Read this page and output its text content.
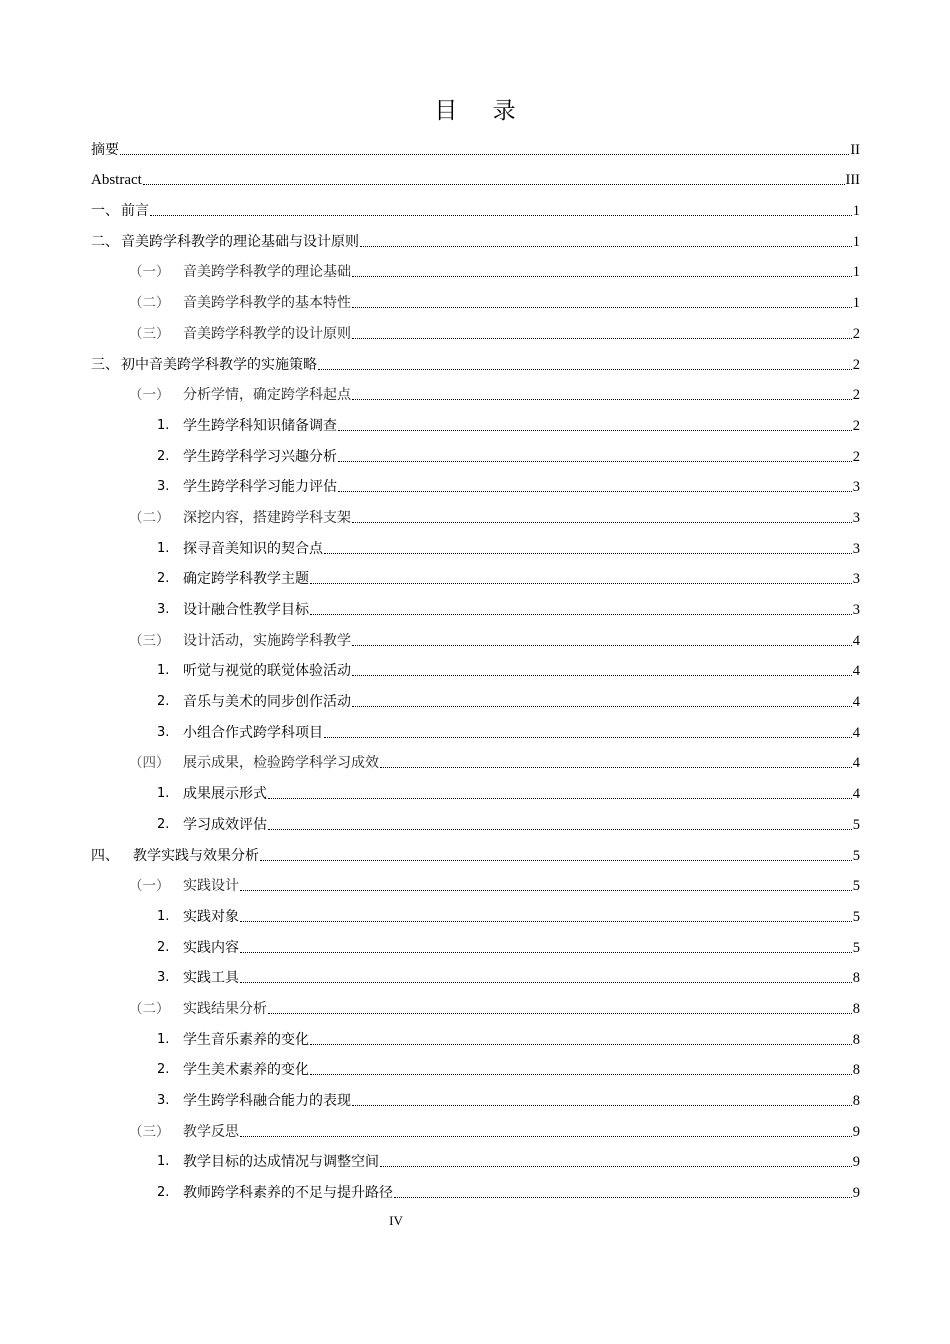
目 录
摘要	II
Abstract	III
一、 前言	1
二、 音美跨学科教学的理论基础与设计原则	1
（一） 音美跨学科教学的理论基础	1
（二） 音美跨学科教学的基本特性	1
（三） 音美跨学科教学的设计原则	2
三、 初中音美跨学科教学的实施策略	2
（一） 分析学情，确定跨学科起点	2
1. 学生跨学科知识储备调查	2
2. 学生跨学科学习兴趣分析	2
3. 学生跨学科学习能力评估	3
（二） 深挖内容，搭建跨学科支架	3
1. 探寻音美知识的契合点	3
2. 确定跨学科教学主题	3
3. 设计融合性教学目标	3
（三） 设计活动，实施跨学科教学	4
1. 听觉与视觉的联觉体验活动	4
2. 音乐与美术的同步创作活动	4
3. 小组合作式跨学科项目	4
（四） 展示成果，检验跨学科学习成效	4
1. 成果展示形式	4
2. 学习成效评估	5
四、 教学实践与效果分析	5
（一） 实践设计	5
1. 实践对象	5
2. 实践内容	5
3. 实践工具	8
（二） 实践结果分析	8
1. 学生音乐素养的变化	8
2. 学生美术素养的变化	8
3. 学生跨学科融合能力的表现	8
（三） 教学反思	9
1. 教学目标的达成情况与调整空间	9
2. 教师跨学科素养的不足与提升路径	9
IV
